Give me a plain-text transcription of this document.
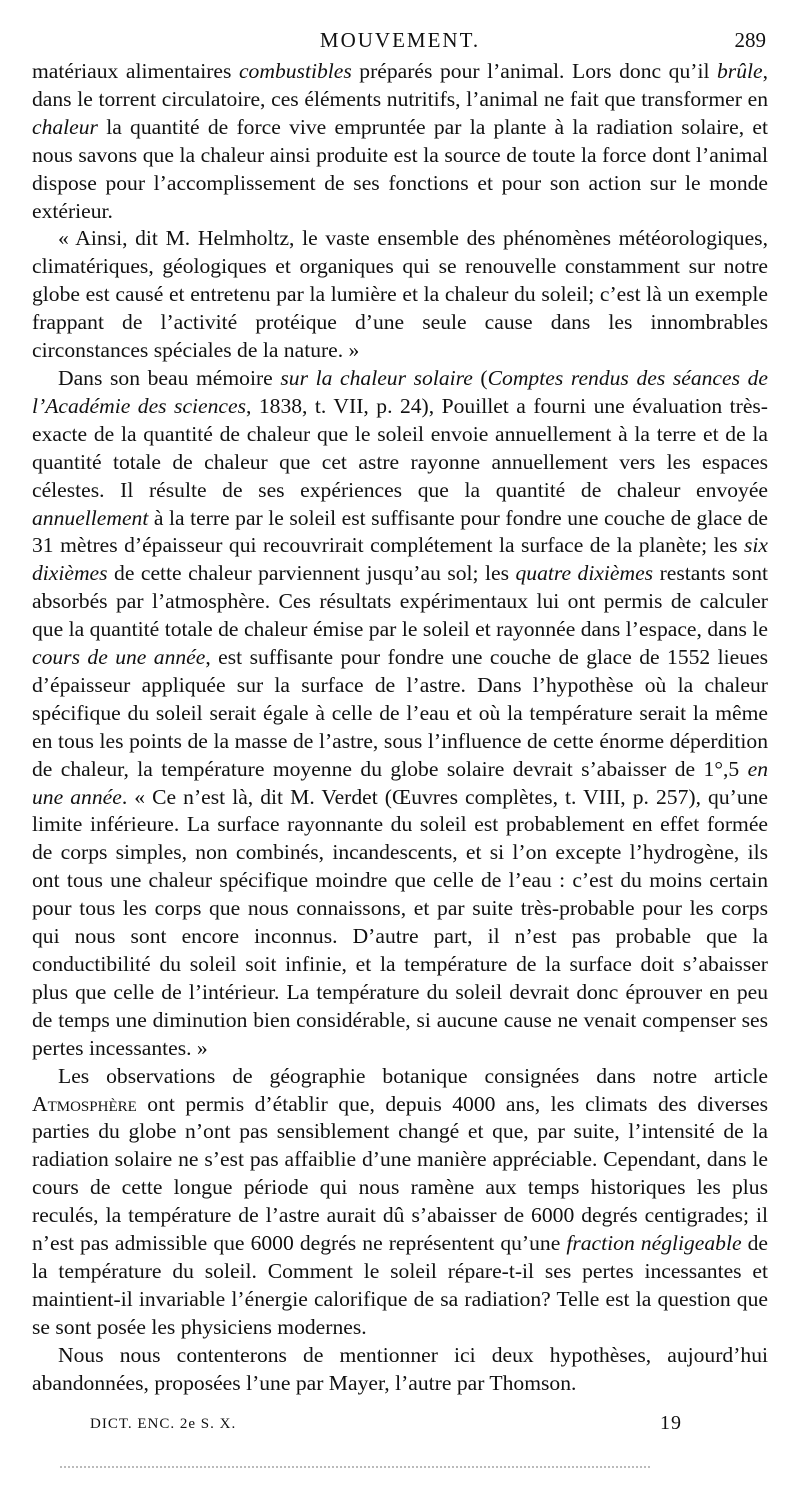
MOUVEMENT.	289

matériaux alimentaires combustibles préparés pour l’animal. Lors donc qu’il brûle, dans le torrent circulatoire, ces éléments nutritifs, l’animal ne fait que transformer en chaleur la quantité de force vive empruntée par la plante à la radiation solaire, et nous savons que la chaleur ainsi produite est la source de toute la force dont l’animal dispose pour l’accomplissement de ses fonctions et pour son action sur le monde extérieur.

« Ainsi, dit M. Helmholtz, le vaste ensemble des phénomènes météorologiques, climatériques, géologiques et organiques qui se renouvelle constamment sur notre globe est causé et entretenu par la lumière et la chaleur du soleil; c’est là un exemple frappant de l’activité protéique d’une seule cause dans les innombrables circonstances spéciales de la nature. »

Dans son beau mémoire sur la chaleur solaire (Comptes rendus des séances de l’Académie des sciences, 1838, t. VII, p. 24), Pouillet a fourni une évaluation très-exacte de la quantité de chaleur que le soleil envoie annuellement à la terre et de la quantité totale de chaleur que cet astre rayonne annuellement vers les espaces célestes. Il résulte de ses expériences que la quantité de chaleur envoyée annuellement à la terre par le soleil est suffisante pour fondre une couche de glace de 31 mètres d’épaisseur qui recouvrirait complétement la surface de la planète; les six dixièmes de cette chaleur parviennent jusqu’au sol; les quatre dixièmes restants sont absorbés par l’atmosphère. Ces résultats expérimentaux lui ont permis de calculer que la quantité totale de chaleur émise par le soleil et rayonnée dans l’espace, dans le cours de une année, est suffisante pour fondre une couche de glace de 1552 lieues d’épaisseur appliquée sur la surface de l’astre. Dans l’hypothèse où la chaleur spécifique du soleil serait égale à celle de l’eau et où la température serait la même en tous les points de la masse de l’astre, sous l’influence de cette énorme déperdition de chaleur, la température moyenne du globe solaire devrait s’abaisser de 1°,5 en une année. « Ce n’est là, dit M. Verdet (Œuvres complètes, t. VIII, p. 257), qu’une limite inférieure. La surface rayonnante du soleil est probablement en effet formée de corps simples, non combinés, incandescents, et si l’on excepte l’hydrogène, ils ont tous une chaleur spécifique moindre que celle de l’eau : c’est du moins certain pour tous les corps que nous connaissons, et par suite très-probable pour les corps qui nous sont encore inconnus. D’autre part, il n’est pas probable que la conductibilité du soleil soit infinie, et la température de la surface doit s’abaisser plus que celle de l’intérieur. La température du soleil devrait donc éprouver en peu de temps une diminution bien considérable, si aucune cause ne venait compenser ses pertes incessantes. »

Les observations de géographie botanique consignées dans notre article Atmosphère ont permis d’établir que, depuis 4000 ans, les climats des diverses parties du globe n’ont pas sensiblement changé et que, par suite, l’intensité de la radiation solaire ne s’est pas affaiblie d’une manière appréciable. Cependant, dans le cours de cette longue période qui nous ramène aux temps historiques les plus reculés, la température de l’astre aurait dû s’abaisser de 6000 degrés centigrades; il n’est pas admissible que 6000 degrés ne représentent qu’une fraction négligeable de la température du soleil. Comment le soleil répare-t-il ses pertes incessantes et maintient-il invariable l’énergie calorifique de sa radiation? Telle est la question que se sont posée les physiciens modernes.

Nous nous contenterons de mentionner ici deux hypothèses, aujourd’hui abandonnées, proposées l’une par Mayer, l’autre par Thomson.

DICT. ENC. 2e S. X.	19
